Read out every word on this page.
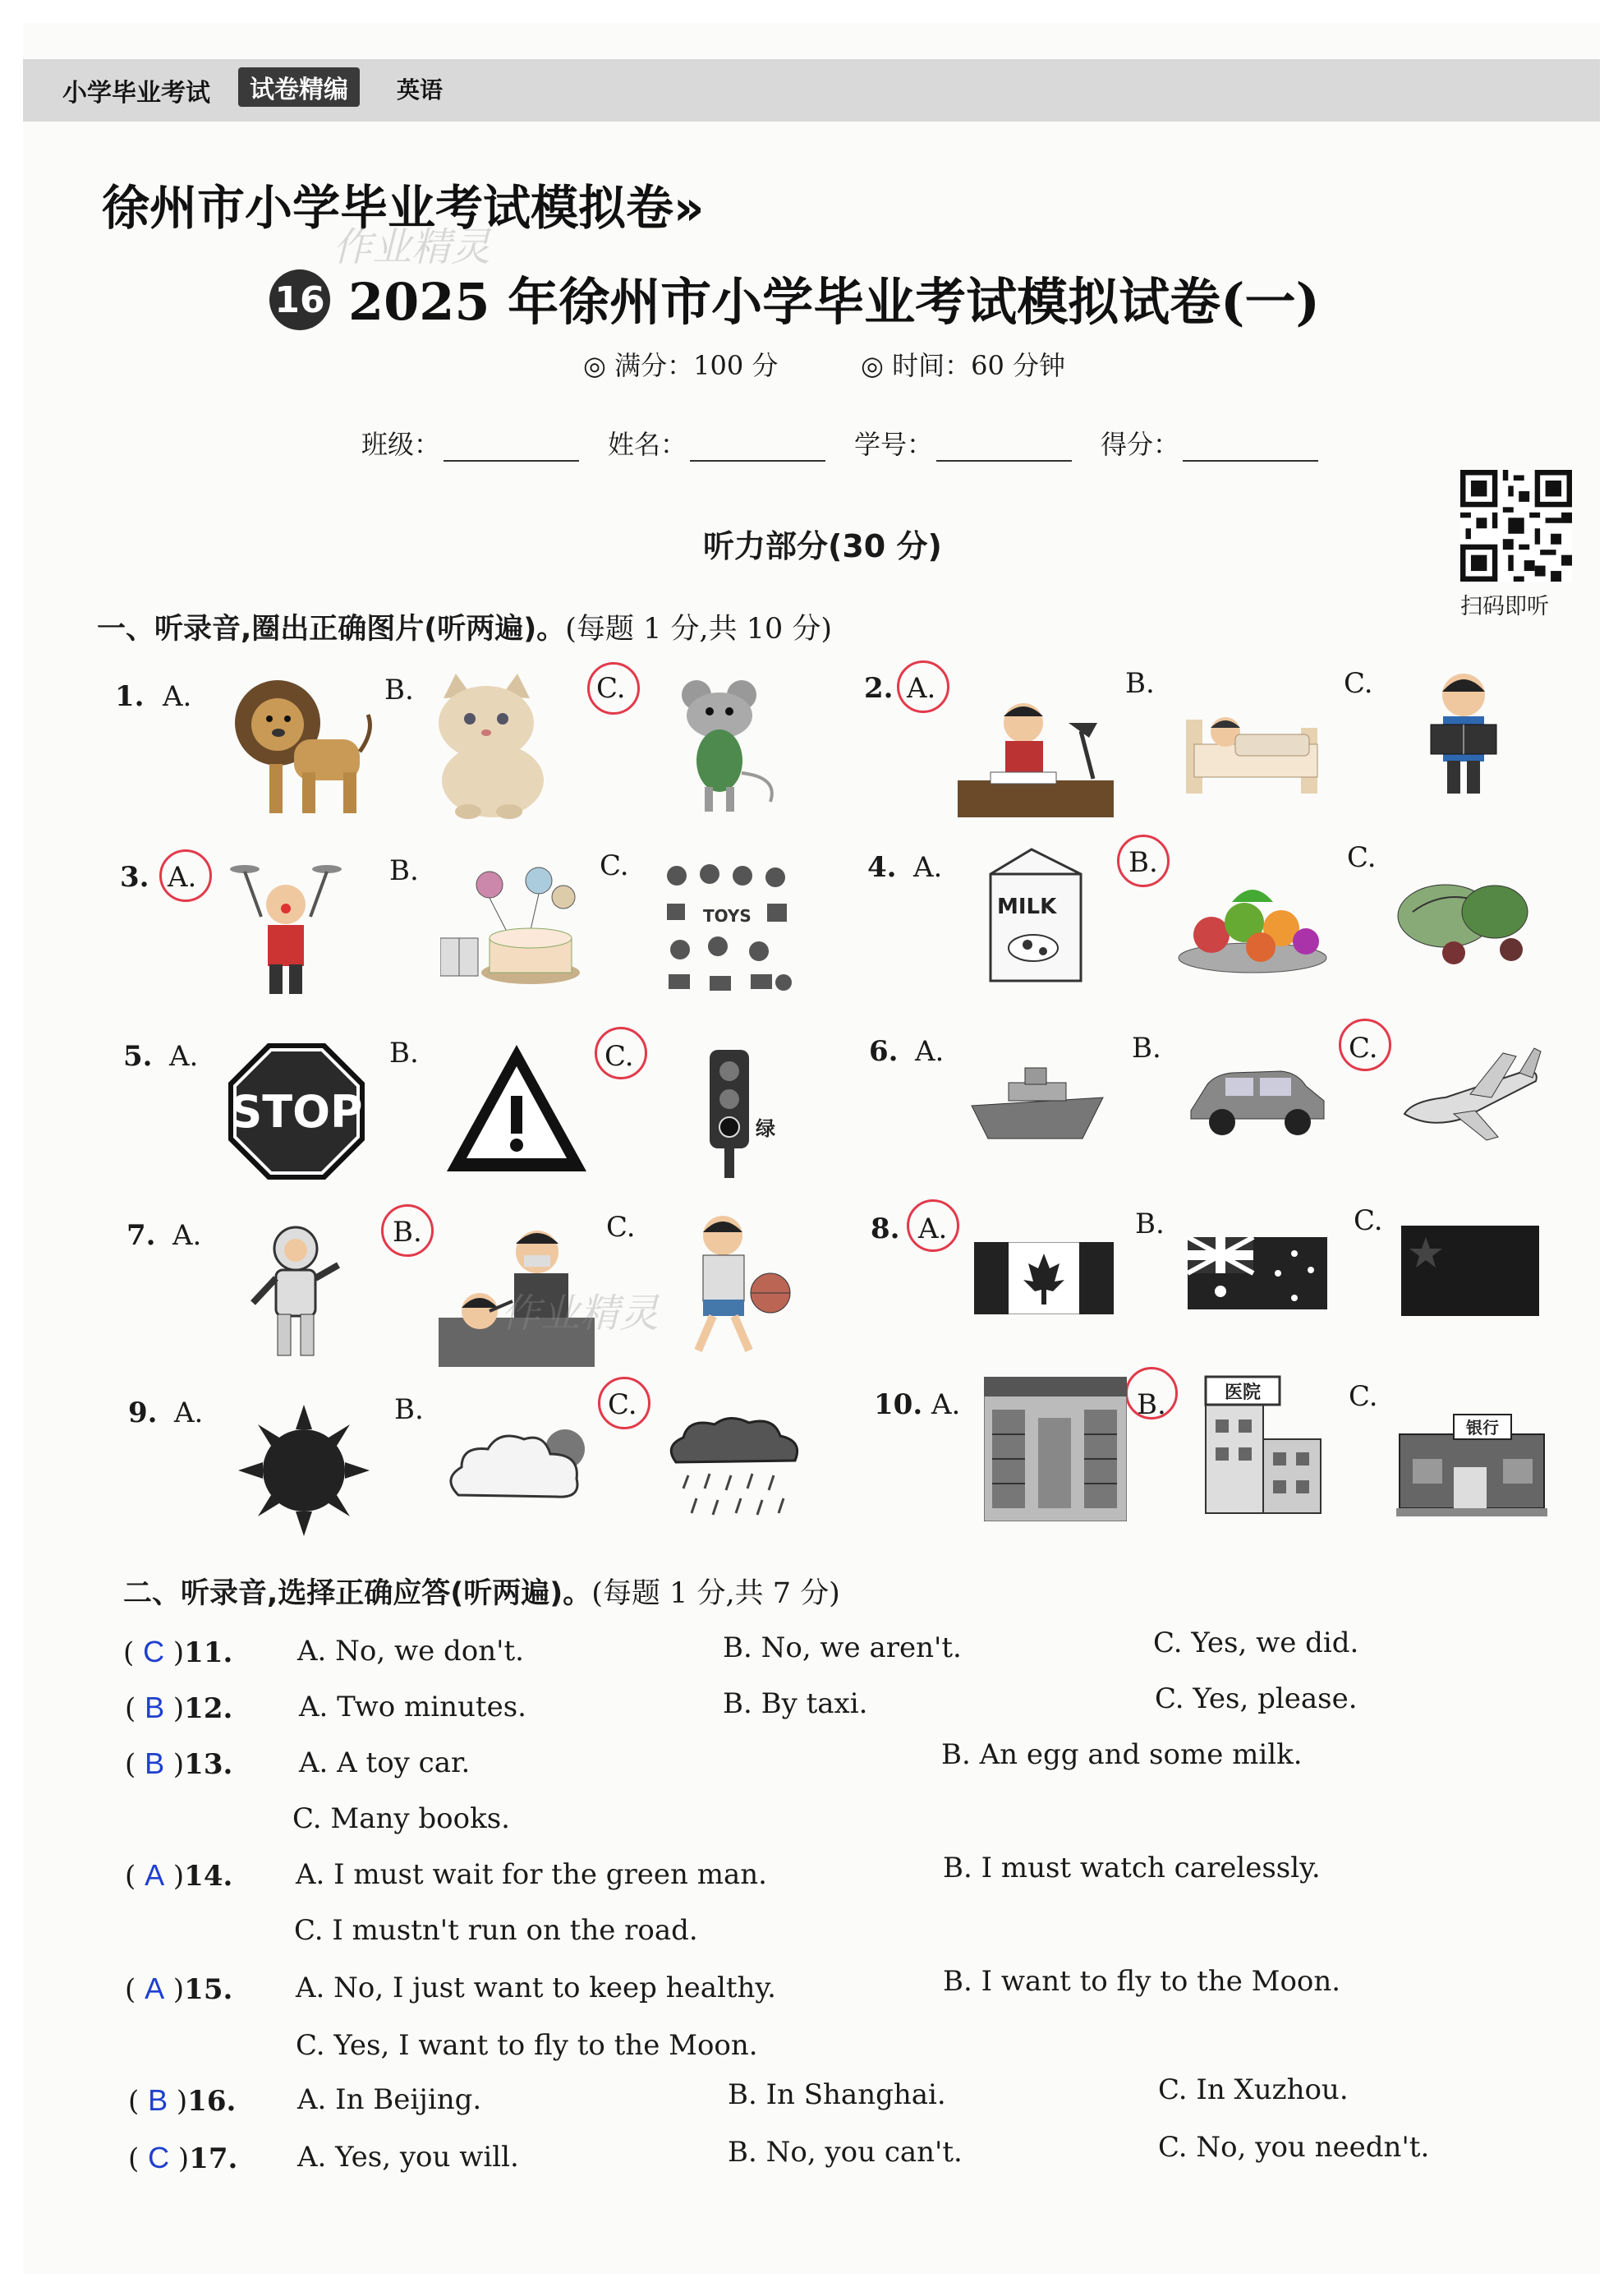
小学毕业考试	试卷精编	英语
徐州市小学毕业考试模拟卷»
作业精灵
16 2025 年徐州市小学毕业考试模拟试卷(一)
◎ 满分：100 分	◎ 时间：60 分钟
班级：	姓名：	学号：	得分：
扫码即听
听力部分(30 分)
一、听录音,圈出正确图片(听两遍)。(每题 1 分,共 10 分)
1. A.	B.	C.	2. A.	B.	C.
3. A.	B.	C.
TOYS
4. A.	B.	C.
MILK
5. A.	B.	C.
STOP	绿
6. A.	B.	C.
7. A.	B.	C.
作业精灵
8. A.	B.	C.
9. A.	B.	C.	10. A.	B.	C.
医院
银行
二、听录音,选择正确应答(听两遍)。(每题 1 分,共 7 分)
( C )11. A. No, we don't.	B. No, we aren't.	C. Yes, we did.
( B )12. A. Two minutes.	B. By taxi.	C. Yes, please.
( B )13. A. A toy car.	B. An egg and some milk.
C. Many books.
( A )14. A. I must wait for the green man.	B. I must watch carelessly.
C. I mustn't run on the road.
( A )15. A. No, I just want to keep healthy.	B. I want to fly to the Moon.
C. Yes, I want to fly to the Moon.
( B )16. A. In Beijing.	B. In Shanghai.	C. In Xuzhou.
( C )17. A. Yes, you will.	B. No, you can't.	C. No, you needn't.
